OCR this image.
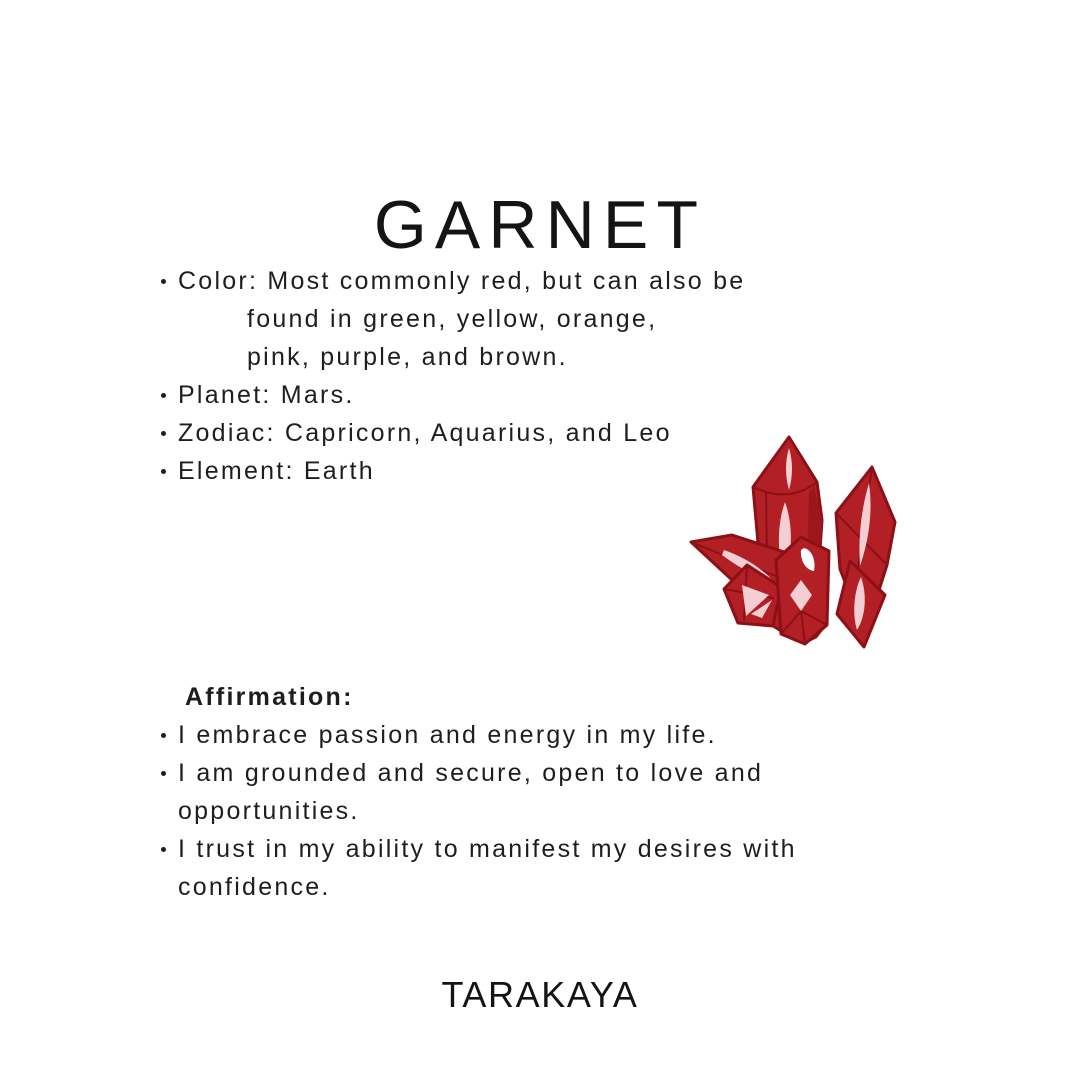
GARNET
Color: Most commonly red, but can also be
found in green, yellow, orange,
pink, purple, and brown.
Planet: Mars.
Zodiac: Capricorn, Aquarius, and Leo
Element: Earth
Affirmation:
I embrace passion and energy in my life.
I am grounded and secure, open to love and
opportunities.
I trust in my ability to manifest my desires with
confidence.
TARAKAYA
